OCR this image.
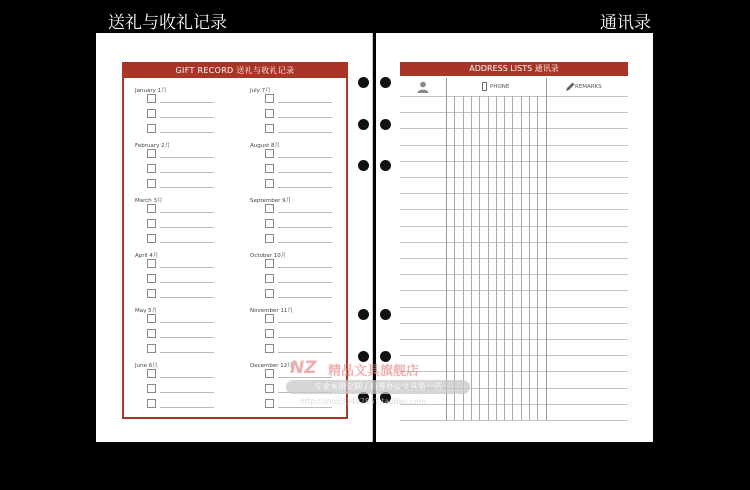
送礼与收礼记录	通讯录
GIFT RECORD 送礼与收礼记录
January 1月
February 2月
March 3月
April 4月
May 5月
June 6月
July 7月
August 8月
September 9月
October 10月
November 11月
December 12月
ADDRESS LISTS 通讯录
PHONE	REMARKS
NZ 精品文具旗舰店
专业本册定制 / 商务办公文具第一店
http://shop33492867.taobao.com
